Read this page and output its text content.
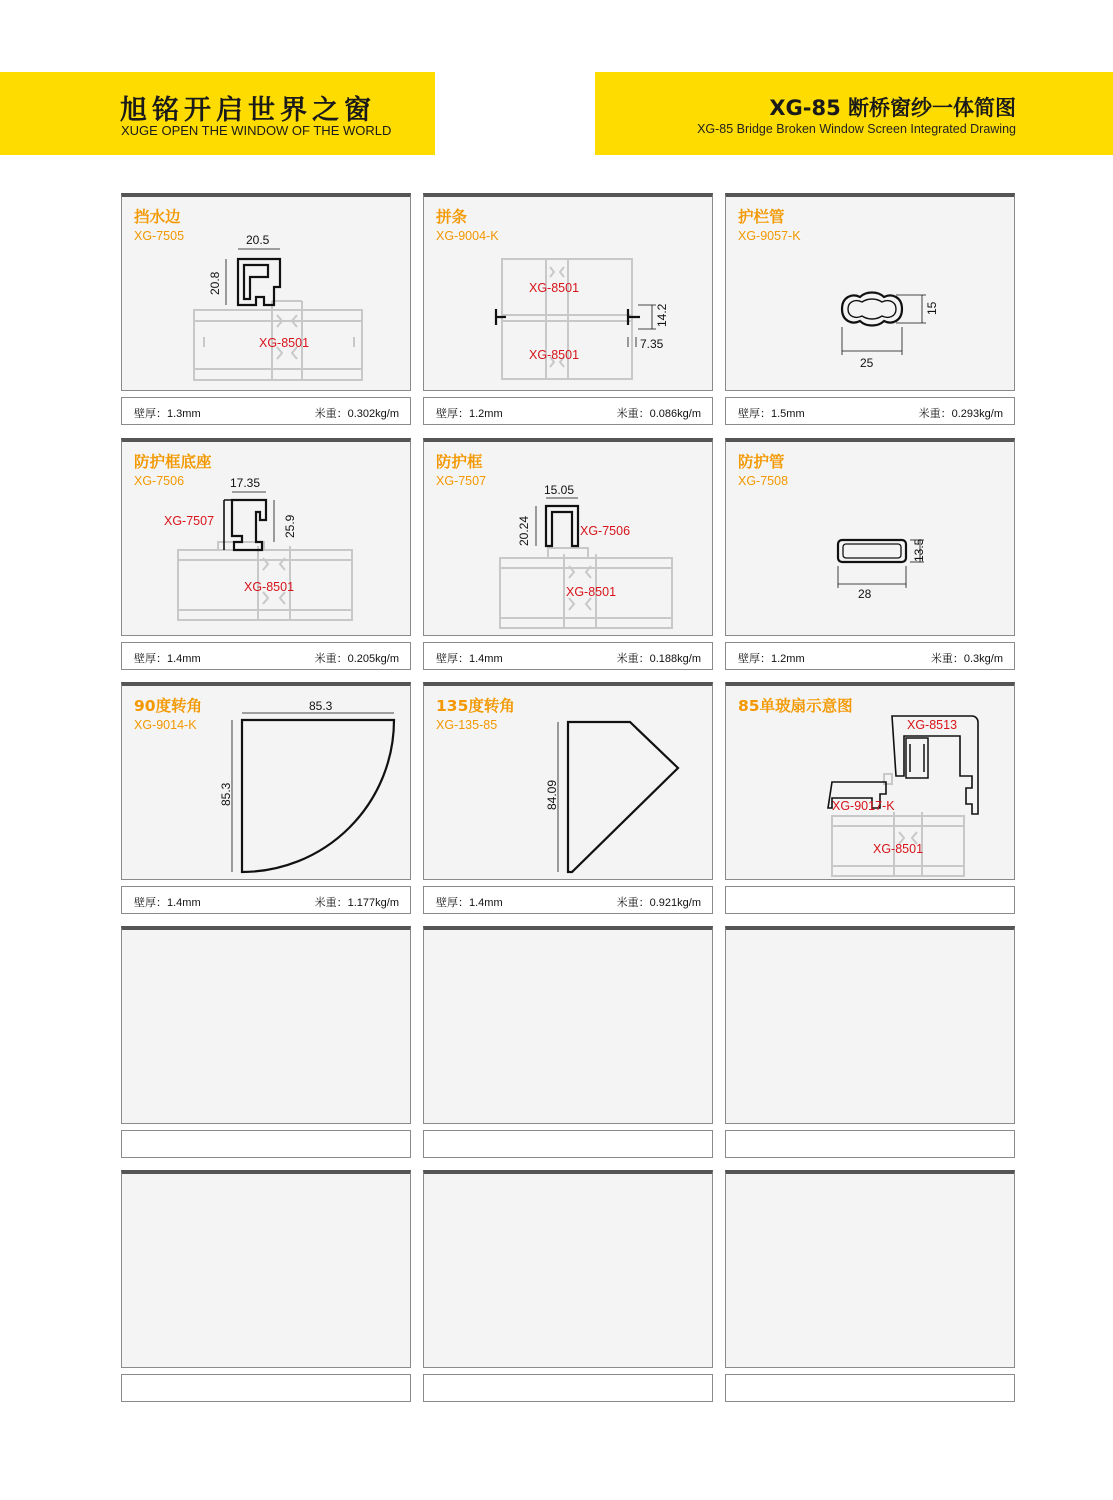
旭铭开启世界之窗
XUGE OPEN THE WINDOW OF THE WORLD
XG-85 断桥窗纱一体简图
XG-85 Bridge Broken Window Screen Integrated Drawing
挡水边
XG-7505	20.5
20.8
XG-8501
壁厚：1.3mm	米重：0.302kg/m
拼条
XG-9004-K
14.2
7.35
XG-8501
XG-8501
壁厚：1.2mm	米重：0.086kg/m
护栏管
XG-9057-K
15
25
壁厚：1.5mm	米重：0.293kg/m
防护框底座
XG-7506	17.35
25.9
XG-7507
XG-8501
壁厚：1.4mm	米重：0.205kg/m
防护框
XG-7507
15.05
20.24	XG-7506
XG-8501
壁厚：1.4mm	米重：0.188kg/m
防护管
XG-7508
13.5
28
壁厚：1.2mm	米重：0.3kg/m
90度转角
XG-9014-K
85.3
85.3
壁厚：1.4mm	米重：1.177kg/m
135度转角
XG-135-85
84.09
壁厚：1.4mm	米重：0.921kg/m
85单玻扇示意图
XG-8513
XG-9017-K
XG-8501
